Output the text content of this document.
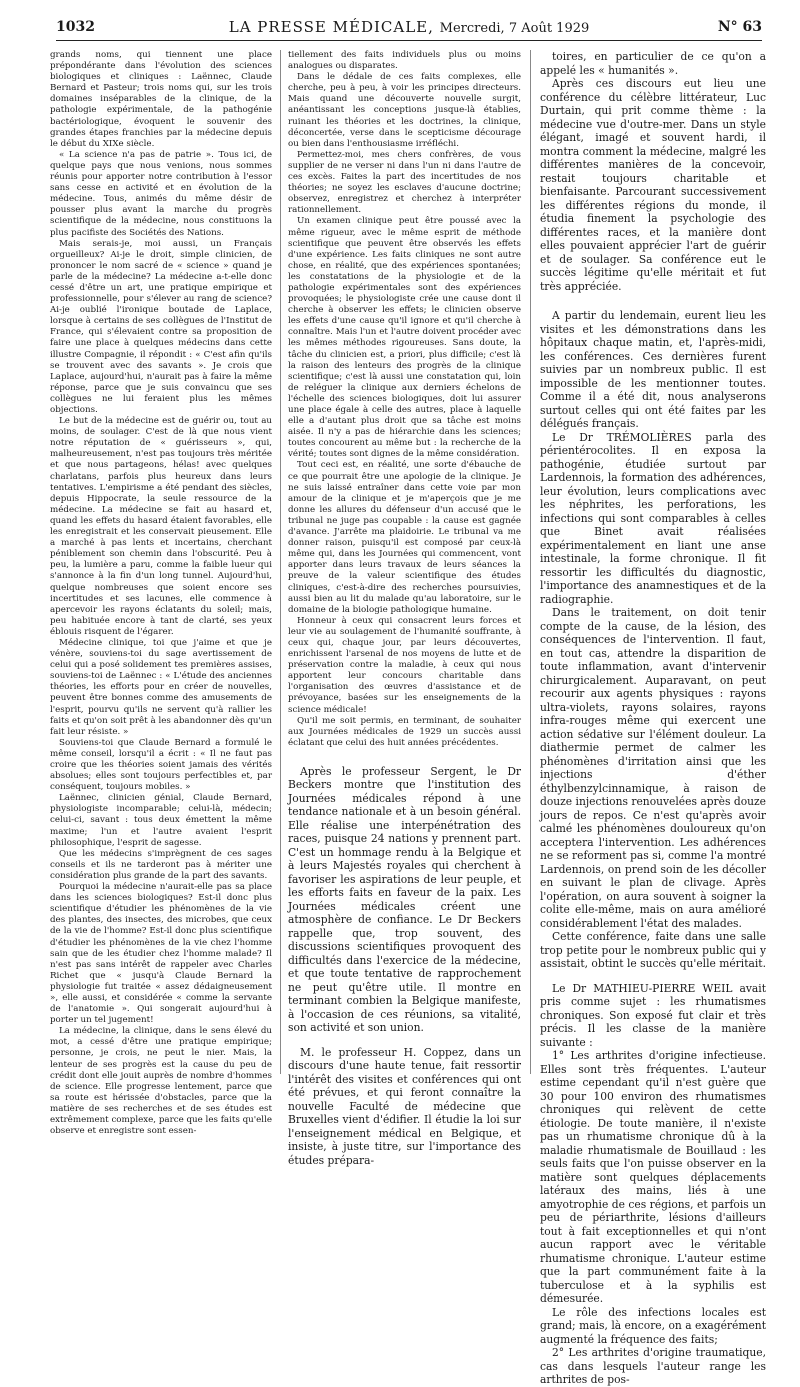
1032	LA PRESSE MÉDICALE, Mercredi, 7 Août 1929	N° 63

grands noms, qui tiennent une place prépondérante dans l'évolution des sciences biologiques et cliniques : Laënnec, Claude Bernard et Pasteur; trois noms qui, sur les trois domaines inséparables de la clinique, de la pathologie expérimentale, de la pathogénie bactériologique, évoquent le souvenir des grandes étapes franchies par la médecine depuis le début du XIXe siècle.

« La science n'a pas de patrie ». Tous ici, de quelque pays que nous venions, nous sommes réunis pour apporter notre contribution à l'essor sans cesse en activité et en évolution de la médecine. Tous, animés du même désir de pousser plus avant la marche du progrès scientifique de la médecine, nous constituons la plus pacifiste des Sociétés des Nations.

Mais serais-je, moi aussi, un Français orgueilleux? Ai-je le droit, simple clinicien, de prononcer le nom sacré de « science » quand je parle de la médecine? La médecine a-t-elle donc cessé d'être un art, une pratique empirique et professionnelle, pour s'élever au rang de science? Ai-je oublié l'ironique boutade de Laplace, lorsque à certains de ses collègues de l'Institut de France, qui s'élevaient contre sa proposition de faire une place à quelques médecins dans cette illustre Compagnie, il répondit : « C'est afin qu'ils se trouvent avec des savants ». Je crois que Laplace, aujourd'hui, n'aurait pas à faire la même réponse, parce que je suis convaincu que ses collègues ne lui feraient plus les mêmes objections.

Le but de la médecine est de guérir ou, tout au moins, de soulager. C'est de là que nous vient notre réputation de « guérisseurs », qui, malheureusement, n'est pas toujours très méritée et que nous partageons, hélas! avec quelques charlatans, parfois plus heureux dans leurs tentatives. L'empirisme a été pendant des siècles, depuis Hippocrate, la seule ressource de la médecine. La médecine se fait au hasard et, quand les effets du hasard étaient favorables, elle les enregistrait et les conservait pieusement. Elle a marché à pas lents et incertains, cherchant péniblement son chemin dans l'obscurité. Peu à peu, la lumière a paru, comme la faible lueur qui s'annonce à la fin d'un long tunnel. Aujourd'hui, quelque nombreuses que soient encore ses incertitudes et ses lacunes, elle commence à apercevoir les rayons éclatants du soleil; mais, peu habituée encore à tant de clarté, ses yeux éblouis risquent de l'égarer.

Médecine clinique, toi que j'aime et que je vénère, souviens-toi du sage avertissement de celui qui a posé solidement tes premières assises, souviens-toi de Laënnec : « L'étude des anciennes théories, les efforts pour en créer de nouvelles, peuvent être bonnes comme des amusements de l'esprit, pourvu qu'ils ne servent qu'à rallier les faits et qu'on soit prêt à les abandonner dès qu'un fait leur résiste. »

Souviens-toi que Claude Bernard a formulé le même conseil, lorsqu'il a écrit : « Il ne faut pas croire que les théories soient jamais des vérités absolues; elles sont toujours perfectibles et, par conséquent, toujours mobiles. »

Laënnec, clinicien génial, Claude Bernard, physiologiste incomparable; celui-là, médecin; celui-ci, savant : tous deux émettent la même maxime; l'un et l'autre avaient l'esprit philosophique, l'esprit de sagesse.

Que les médecins s'imprègnent de ces sages conseils et ils ne tarderont pas à mériter une considération plus grande de la part des savants.

Pourquoi la médecine n'aurait-elle pas sa place dans les sciences biologiques? Est-il donc plus scientifique d'étudier les phénomènes de la vie des plantes, des insectes, des microbes, que ceux de la vie de l'homme? Est-il donc plus scientifique d'étudier les phénomènes de la vie chez l'homme sain que de les étudier chez l'homme malade? Il n'est pas sans intérêt de rappeler avec Charles Richet que « jusqu'à Claude Bernard la physiologie fut traitée « assez dédaigneusement », elle aussi, et considérée « comme la servante de l'anatomie ». Qui songerait aujourd'hui à porter un tel jugement!

La médecine, la clinique, dans le sens élevé du mot, a cessé d'être une pratique empirique; personne, je crois, ne peut le nier. Mais, la lenteur de ses progrès est la cause du peu de crédit dont elle jouit auprès de nombre d'hommes de science. Elle progresse lentement, parce que sa route est hérissée d'obstacles, parce que la matière de ses recherches et de ses études est extrêmement complexe, parce que les faits qu'elle observe et enregistre sont essen-

tiellement des faits individuels plus ou moins analogues ou disparates.

Dans le dédale de ces faits complexes, elle cherche, peu à peu, à voir les principes directeurs. Mais quand une découverte nouvelle surgit, anéantissant les conceptions jusque-là établies, ruinant les théories et les doctrines, la clinique, déconcertée, verse dans le scepticisme décourage ou bien dans l'enthousiasme irréfléchi.

Permettez-moi, mes chers confrères, de vous supplier de ne verser ni dans l'un ni dans l'autre de ces excès. Faites la part des incertitudes de nos théories; ne soyez les esclaves d'aucune doctrine; observez, enregistrez et cherchez à interpréter rationnellement.

Un examen clinique peut être poussé avec la même rigueur, avec le même esprit de méthode scientifique que peuvent être observés les effets d'une expérience. Les faits cliniques ne sont autre chose, en réalité, que des expériences spontanées; les constatations de la physiologie et de la pathologie expérimentales sont des expériences provoquées; le physiologiste crée une cause dont il cherche à observer les effets; le clinicien observe les effets d'une cause qu'il ignore et qu'il cherche à connaître. Mais l'un et l'autre doivent procéder avec les mêmes méthodes rigoureuses. Sans doute, la tâche du clinicien est, a priori, plus difficile; c'est là la raison des lenteurs des progrès de la clinique scientifique; c'est là aussi une constatation qui, loin de reléguer la clinique aux derniers échelons de l'échelle des sciences biologiques, doit lui assurer une place égale à celle des autres, place à laquelle elle a d'autant plus droit que sa tâche est moins aisée. Il n'y a pas de hiérarchie dans les sciences; toutes concourent au même but : la recherche de la vérité; toutes sont dignes de la même considération.

Tout ceci est, en réalité, une sorte d'ébauche de ce que pourrait être une apologie de la clinique. Je ne suis laissé entraîner dans cette voie par mon amour de la clinique et je m'aperçois que je me donne les allures du défenseur d'un accusé que le tribunal ne juge pas coupable : la cause est gagnée d'avance. J'arrête ma plaidoirie. Le tribunal va me donner raison, puisqu'il est composé par ceux-là même qui, dans les Journées qui commencent, vont apporter dans leurs travaux de leurs séances la preuve de la valeur scientifique des études cliniques, c'est-à-dire des recherches poursuivies, aussi bien au lit du malade qu'au laboratoire, sur le domaine de la biologie pathologique humaine.

Honneur à ceux qui consacrent leurs forces et leur vie au soulagement de l'humanité souffrante, à ceux qui, chaque jour, par leurs découvertes, enrichissent l'arsenal de nos moyens de lutte et de préservation contre la maladie, à ceux qui nous apportent leur concours charitable dans l'organisation des œuvres d'assistance et de prévoyance, basées sur les enseignements de la science médicale!

Qu'il me soit permis, en terminant, de souhaiter aux Journées médicales de 1929 un succès aussi éclatant que celui des huit années précédentes.

Après le professeur Sergent, le Dr Beckers montre que l'institution des Journées médicales répond à une tendance nationale et à un besoin général. Elle réalise une interpénétration des races, puisque 24 nations y prennent part. C'est un hommage rendu à la Belgique et à leurs Majestés royales qui cherchent à favoriser les aspirations de leur peuple, et les efforts faits en faveur de la paix. Les Journées médicales créent une atmosphère de confiance. Le Dr Beckers rappelle que, trop souvent, des discussions scientifiques provoquent des difficultés dans l'exercice de la médecine, et que toute tentative de rapprochement ne peut qu'être utile. Il montre en terminant combien la Belgique manifeste, à l'occasion de ces réunions, sa vitalité, son activité et son union.

M. le professeur H. Coppez, dans un discours d'une haute tenue, fait ressortir l'intérêt des visites et conférences qui ont été prévues, et qui feront connaître la nouvelle Faculté de médecine que Bruxelles vient d'édifier. Il étudie la loi sur l'enseignement médical en Belgique, et insiste, à juste titre, sur l'importance des études prépara-

toires, en particulier de ce qu'on a appelé les « humanités ».

Après ces discours eut lieu une conférence du célèbre littérateur, Luc Durtain, qui prit comme thème : la médecine vue d'outre-mer. Dans un style élégant, imagé et souvent hardi, il montra comment la médecine, malgré les différentes manières de la concevoir, restait toujours charitable et bienfaisante. Parcourant successivement les différentes régions du monde, il étudia finement la psychologie des différentes races, et la manière dont elles pouvaient apprécier l'art de guérir et de soulager. Sa conférence eut le succès légitime qu'elle méritait et fut très appréciée.

A partir du lendemain, eurent lieu les visites et les démonstrations dans les hôpitaux chaque matin, et, l'après-midi, les conférences. Ces dernières furent suivies par un nombreux public. Il est impossible de les mentionner toutes. Comme il a été dit, nous analyserons surtout celles qui ont été faites par les délégués français.

Le Dr TRÉMOLIÈRES parla des périentérocolites. Il en exposa la pathogénie, étudiée surtout par Lardennois, la formation des adhérences, leur évolution, leurs complications avec les néphrites, les perforations, les infections qui sont comparables à celles que Binet avait réalisées expérimentalement en liant une anse intestinale, la forme chronique. Il fit ressortir les difficultés du diagnostic, l'importance des anamnestiques et de la radiographie.

Dans le traitement, on doit tenir compte de la cause, de la lésion, des conséquences de l'intervention. Il faut, en tout cas, attendre la disparition de toute inflammation, avant d'intervenir chirurgicalement. Auparavant, on peut recourir aux agents physiques : rayons ultra-violets, rayons solaires, rayons infra-rouges même qui exercent une action sédative sur l'élément douleur. La diathermie permet de calmer les phénomènes d'irritation ainsi que les injections d'éther éthylbenzylcinnamique, à raison de douze injections renouvelées après douze jours de repos. Ce n'est qu'après avoir calmé les phénomènes douloureux qu'on acceptera l'intervention. Les adhérences ne se reforment pas si, comme l'a montré Lardennois, on prend soin de les décoller en suivant le plan de clivage. Après l'opération, on aura souvent à soigner la colite elle-même, mais on aura amélioré considérablement l'état des malades.

Cette conférence, faite dans une salle trop petite pour le nombreux public qui y assistait, obtint le succès qu'elle méritait.

Le Dr MATHIEU-PIERRE WEIL avait pris comme sujet : les rhumatismes chroniques. Son exposé fut clair et très précis. Il les classe de la manière suivante :

1° Les arthrites d'origine infectieuse. Elles sont très fréquentes. L'auteur estime cependant qu'il n'est guère que 30 pour 100 environ des rhumatismes chroniques qui relèvent de cette étiologie. De toute manière, il n'existe pas un rhumatisme chronique dû à la maladie rhumatismale de Bouillaud : les seuls faits que l'on puisse observer en la matière sont quelques déplacements latéraux des mains, liés à une amyotrophie de ces régions, et parfois un peu de périarthrite, lésions d'ailleurs tout à fait exceptionnelles et qui n'ont aucun rapport avec le véritable rhumatisme chronique. L'auteur estime que la part communément faite à la tuberculose et à la syphilis est démesurée.

Le rôle des infections locales est grand; mais, là encore, on a exagérément augmenté la fréquence des faits;

2° Les arthrites d'origine traumatique, cas dans lesquels l'auteur range les arthrites de pos-
